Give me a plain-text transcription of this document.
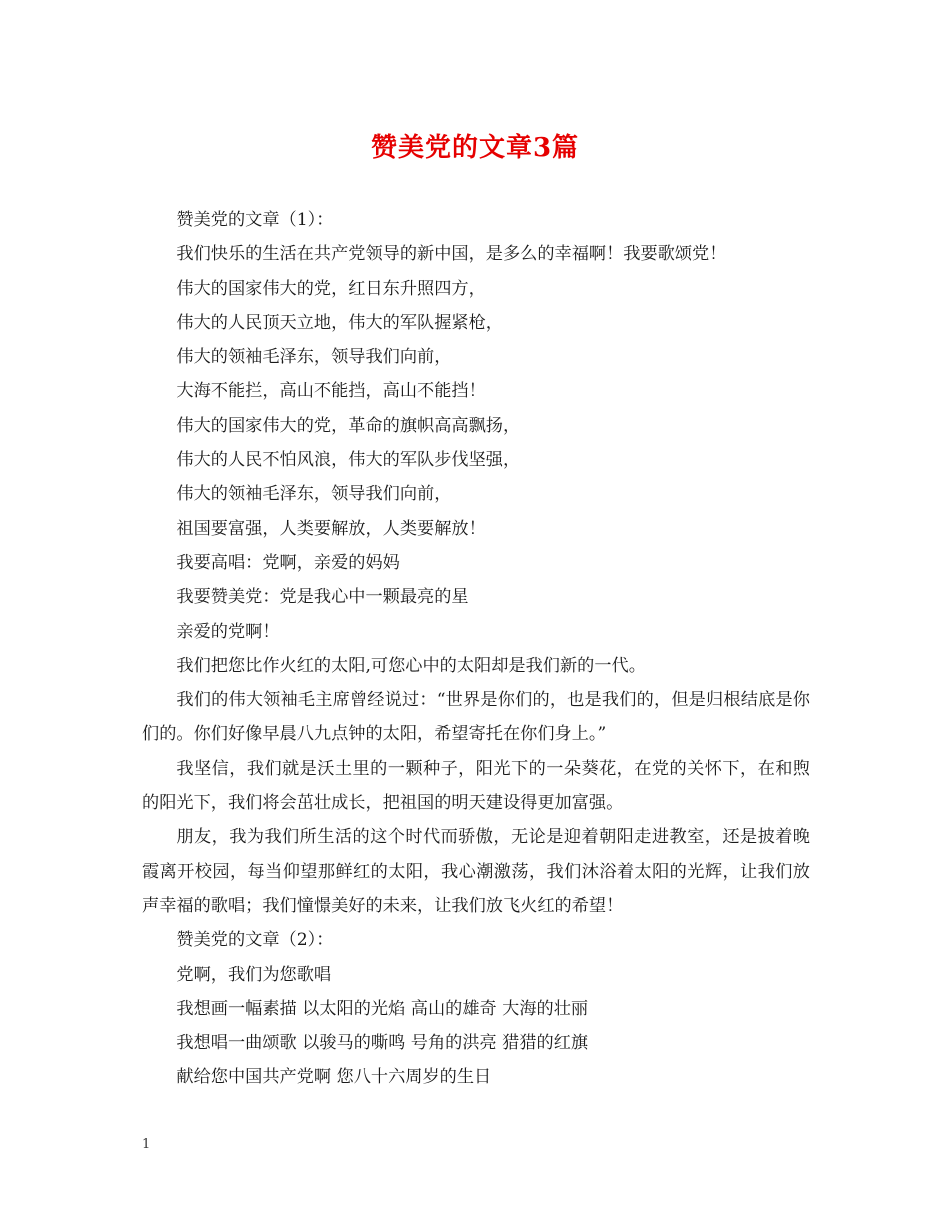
赞美党的文章3篇

赞美党的文章（1）：

我们快乐的生活在共产党领导的新中国，是多么的幸福啊！我要歌颂党！

伟大的国家伟大的党，红日东升照四方，

伟大的人民顶天立地，伟大的军队握紧枪，

伟大的领袖毛泽东，领导我们向前，

大海不能拦，高山不能挡，高山不能挡！

伟大的国家伟大的党，革命的旗帜高高飘扬，

伟大的人民不怕风浪，伟大的军队步伐坚强，

伟大的领袖毛泽东，领导我们向前，

祖国要富强，人类要解放，人类要解放！

我要高唱：党啊，亲爱的妈妈

我要赞美党：党是我心中一颗最亮的星

亲爱的党啊！

我们把您比作火红的太阳,可您心中的太阳却是我们新的一代。

我们的伟大领袖毛主席曾经说过：“世界是你们的，也是我们的，但是归根结底是你们的。你们好像早晨八九点钟的太阳，希望寄托在你们身上。”

我坚信，我们就是沃土里的一颗种子，阳光下的一朵葵花，在党的关怀下，在和煦的阳光下，我们将会茁壮成长，把祖国的明天建设得更加富强。

朋友，我为我们所生活的这个时代而骄傲，无论是迎着朝阳走进教室，还是披着晚霞离开校园，每当仰望那鲜红的太阳，我心潮激荡，我们沐浴着太阳的光辉，让我们放声幸福的歌唱；我们憧憬美好的未来，让我们放飞火红的希望！

赞美党的文章（2）：

党啊，我们为您歌唱

我想画一幅素描 以太阳的光焰 高山的雄奇 大海的壮丽

我想唱一曲颂歌 以骏马的嘶鸣 号角的洪亮 猎猎的红旗

献给您中国共产党啊 您八十六周岁的生日

1
